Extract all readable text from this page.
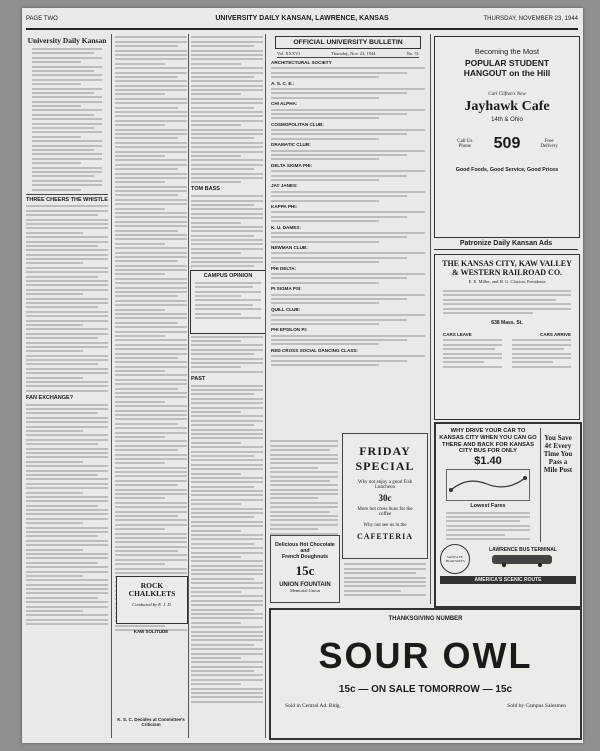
PAGE TWO	UNIVERSITY DAILY KANSAN, LAWRENCE, KANSAS	THURSDAY, NOVEMBER 23, 1944
University Daily Kansan
THREE CHEERS THE WHISTLE
FAN EXCHANGE?
TOM BASS
PAST
CAMPUS OPINION
ROCK CHALKLETS
Conducted by R. J. D.
KAW SOLITUDE
K. S. C. Decides at Committee's Criticism
OFFICIAL UNIVERSITY BULLETIN
Vol. XXXVI	Thursday, Nov. 23, 1944	No. 51
ARCHITECTURAL SOCIETY
A. S. C. E.:
CHI ALPHA:
COSMOPOLITAN CLUB:
DRAMATIC CLUB:
DELTA SIGMA PHI:
JAY JANES:
KAPPA PHI:
K. U. DAMES:
NEWMAN CLUB:
PHI DELTA:
PI SIGMA PSI:
QUILL CLUB:
PHI EPSILON PI:
RED CROSS SOCIAL DANCING CLASS:
FRIDAY
SPECIAL
Why not enjoy a good Fish Luncheon
30c
More hot cross buns for the coffee
Why not see us in the
CAFETERIA
Delicious Hot Chocolate and
French Doughnuts
15c
UNION FOUNTAIN
Memorial Union
Becoming the Most
POPULAR STUDENT
HANGOUT on the Hill
Carl Clifton's New
Jayhawk Cafe
14th & Ohio
Call Us Phone 509	Free Delivery
Good Foods, Good Service, Good Prices
Patronize Daily Kansan Ads
THE KANSAS CITY, KAW VALLEY & WESTERN RAILROAD CO.
E. E. Miller, and H. G. Clayton, Presidents
638 Mass. St.
CARS LEAVE	CARS ARRIVE
WHY DRIVE YOUR CAR TO KANSAS CITY WHEN YOU CAN GO THERE AND BACK FOR KANSAS CITY BUS FOR ONLY
$1.40
Lowest Fares
You Save 4¢ Every Time You Pass a Mile Post
SANTA FE TRAILWAYS
LAWRENCE BUS TERMINAL
AMERICA'S SCENIC ROUTE
THANKSGIVING NUMBER
SOUR OWL
15c — ON SALE TOMORROW — 15c
Sold in Central Ad. Bldg.	Sold by Campus Salesmen
